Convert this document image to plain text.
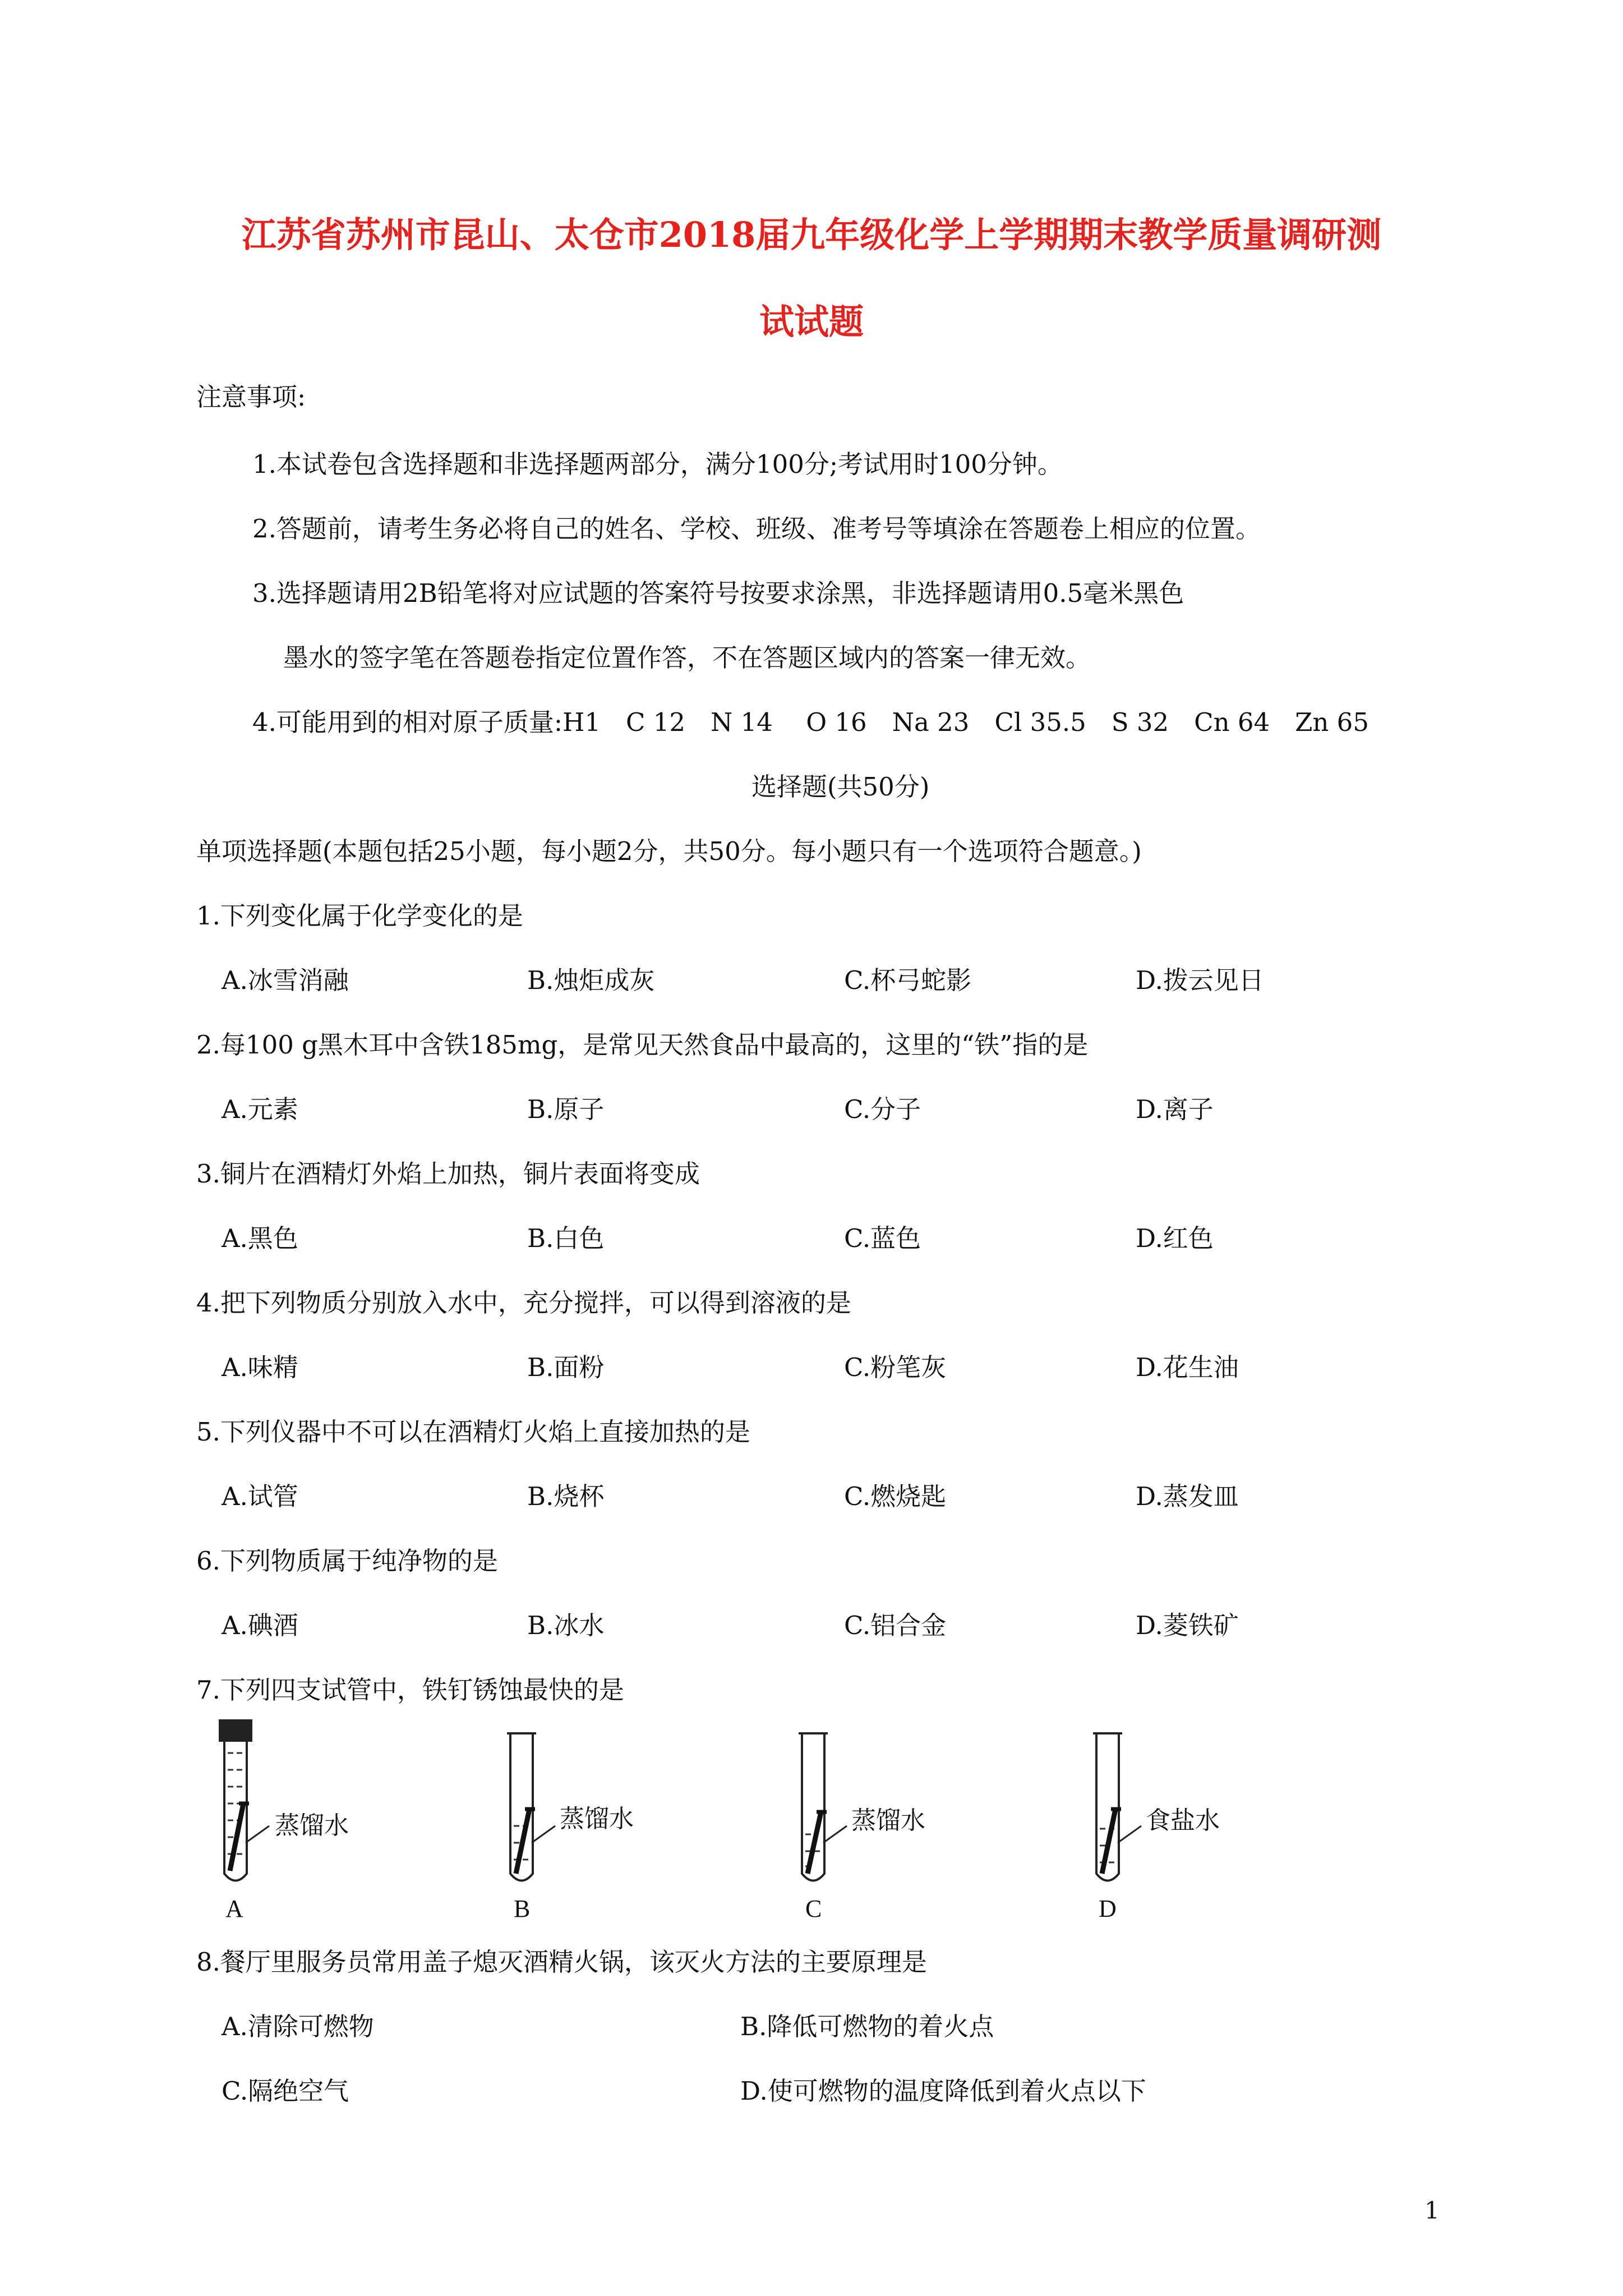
江苏省苏州市昆山、太仓市2018届九年级化学上学期期末教学质量调研测
试试题
注意事项:
1.本试卷包含选择题和非选择题两部分，满分100分;考试用时100分钟。
2.答题前，请考生务必将自己的姓名、学校、班级、准考号等填涂在答题卷上相应的位置。
3.选择题请用2B铅笔将对应试题的答案符号按要求涂黑，非选择题请用0.5毫米黑色
墨水的签字笔在答题卷指定位置作答，不在答题区域内的答案一律无效。
4.可能用到的相对原子质量:H1　C 12　N 14　 O 16　Na 23　Cl 35.5　S 32　Cn 64　Zn 65
选择题(共50分)
单项选择题(本题包括25小题，每小题2分，共50分。每小题只有一个选项符合题意。)
1.下列变化属于化学变化的是
A.冰雪消融	B.烛炬成灰	C.杯弓蛇影	D.拨云见日
2.每100 g黑木耳中含铁185mg，是常见天然食品中最高的，这里的“铁”指的是
A.元素	B.原子	C.分子	D.离子
3.铜片在酒精灯外焰上加热，铜片表面将变成
A.黑色	B.白色	C.蓝色	D.红色
4.把下列物质分别放入水中，充分搅拌，可以得到溶液的是
A.味精	B.面粉	C.粉笔灰	D.花生油
5.下列仪器中不可以在酒精灯火焰上直接加热的是
A.试管	B.烧杯	C.燃烧匙	D.蒸发皿
6.下列物质属于纯净物的是
A.碘酒	B.冰水	C.铝合金	D.菱铁矿
7.下列四支试管中，铁钉锈蚀最快的是
蒸馏水
A
蒸馏水
B
蒸馏水
C
食盐水
D
8.餐厅里服务员常用盖子熄灭酒精火锅，该灭火方法的主要原理是
A.清除可燃物	B.降低可燃物的着火点
C.隔绝空气	D.使可燃物的温度降低到着火点以下
1
